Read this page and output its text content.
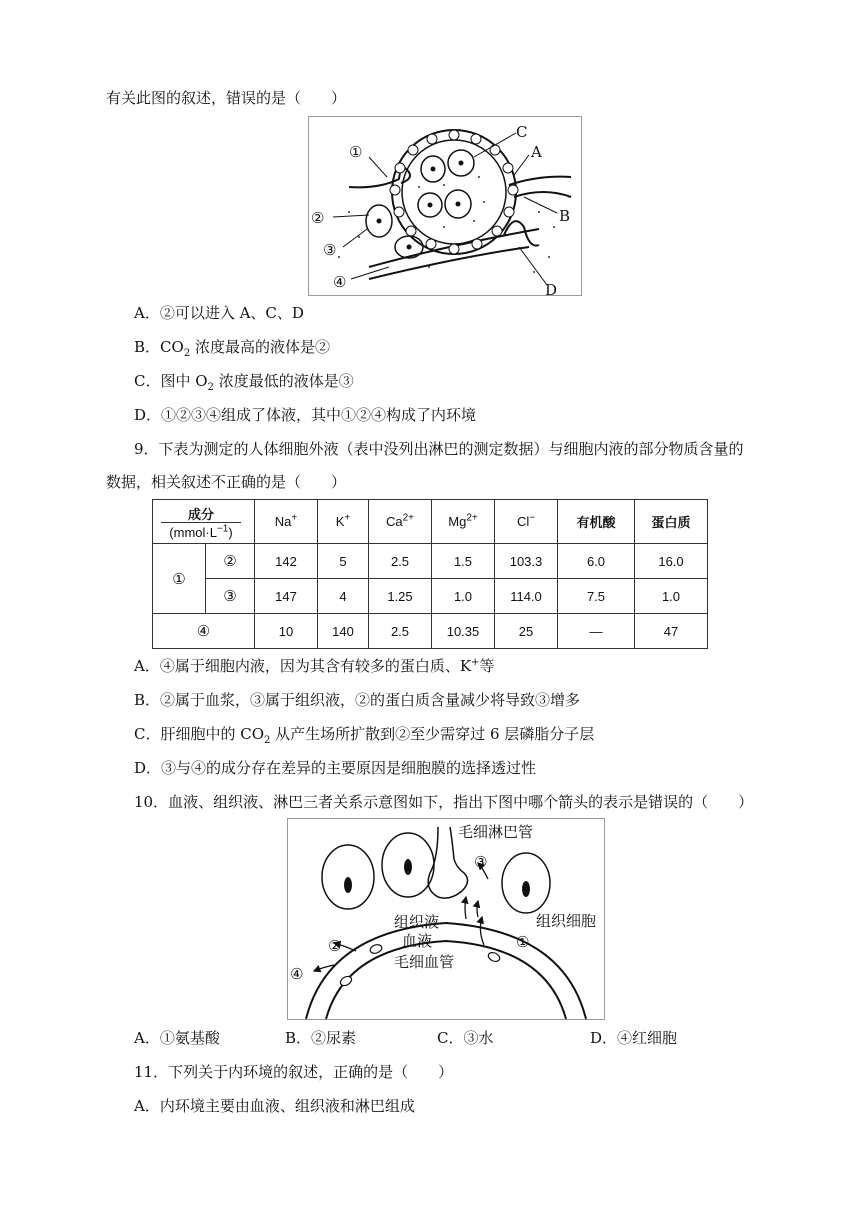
有关此图的叙述，错误的是（　　）
①
②
③
④
C
A
B
D
A．②可以进入 A、C、D
B．$CO_2$ 浓度最高的液体是②
C．图中 $O_2$ 浓度最低的液体是③
D．①②③④组成了体液，其中①②④构成了内环境
9．下表为测定的人体细胞外液（表中没列出淋巴的测定数据）与细胞内液的部分物质含量的
数据，相关叙述不正确的是（　　）
成分
$(mmol\cdot L^{-1})$		Na+	K+	$Ca^{2+}$	$Mg^{2+}$	Cl−	有机酸	蛋白质
①	②	142	5	2.5	1.5	103.3	6.0	16.0
	③	147	4	1.25	1.0	114.0	7.5	1.0
④		10	140	2.5	10.35	25	—	47
A．④属于细胞内液，因为其含有较多的蛋白质、K+等
B．②属于血浆，③属于组织液，②的蛋白质含量减少将导致③增多
C．肝细胞中的 $CO_2$ 从产生场所扩散到②至少需穿过 6 层磷脂分子层
D．③与④的成分存在差异的主要原因是细胞膜的选择透过性
10．血液、组织液、淋巴三者关系示意图如下，指出下图中哪个箭头的表示是错误的（　　）
毛细淋巴管
组织液
血液
毛细血管
组织细胞
①
②
③
④
A．①氨基酸	B．②尿素	C．③水	D．④红细胞
11．下列关于内环境的叙述，正确的是（　　）
A．内环境主要由血液、组织液和淋巴组成
